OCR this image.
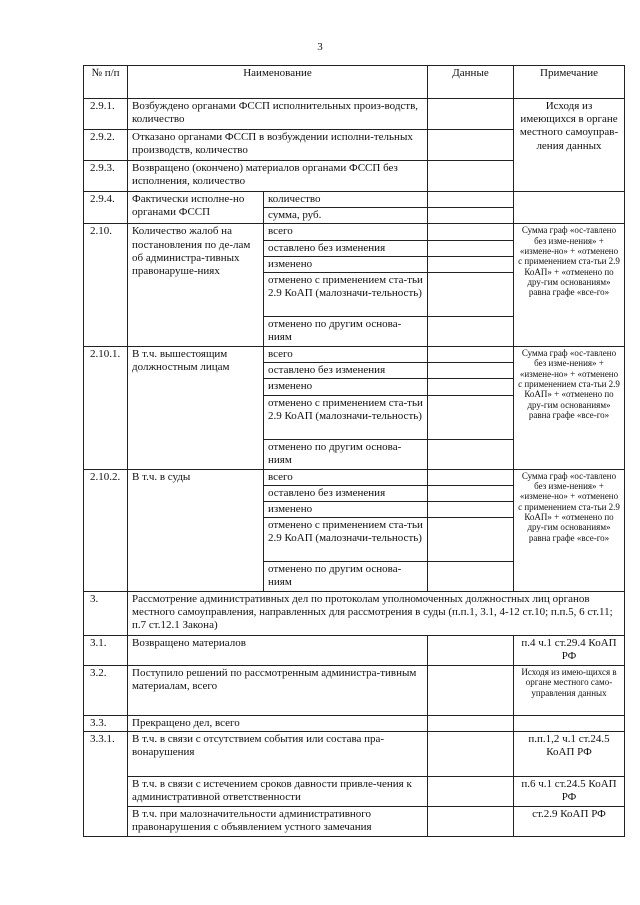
3
№ п/п	Наименование		Данные	Примечание
2.9.1.	Возбуждено органами ФССП исполнительных произ-водств, количество			Исходя из имеющихся в органе местного самоуправ-ления данных
2.9.2.	Отказано органами ФССП в возбуждении исполни-тельных производств, количество			
2.9.3.	Возвращено (окончено) материалов органами ФССП без исполнения, количество			
2.9.4.	Фактически исполне-но органами ФССП	количество		
		сумма, руб.		
2.10.	Количество жалоб на постановления по де-лам об администра-тивных правонаруше-ниях	всего		Сумма граф «ос-тавлено без изме-нения» + «измене-но» + «отменено с применением ста-тьи 2.9 КоАП» + «отменено по дру-гим основаниям» равна графе «все-го»
		оставлено без изменения		
		изменено		
		отменено с применением ста-тьи 2.9 КоАП (малозначи-тельность)		
		отменено по другим основа-ниям		
2.10.1.	В т.ч. вышестоящим должностным лицам	всего		Сумма граф «ос-тавлено без изме-нения» + «измене-но» + «отменено с применением ста-тьи 2.9 КоАП» + «отменено по дру-гим основаниям» равна графе «все-го»
		оставлено без изменения		
		изменено		
		отменено с применением ста-тьи 2.9 КоАП (малозначи-тельность)		
		отменено по другим основа-ниям		
2.10.2.	В т.ч. в суды	всего		Сумма граф «ос-тавлено без изме-нения» + «измене-но» + «отменено с применением ста-тьи 2.9 КоАП» + «отменено по дру-гим основаниям» равна графе «все-го»
		оставлено без изменения		
		изменено		
		отменено с применением ста-тьи 2.9 КоАП (малозначи-тельность)		
		отменено по другим основа-ниям		
3.	Рассмотрение административных дел по протоколам уполномоченных должностных лиц органов местного самоуправления, направленных для рассмотрения в суды (п.п.1, 3.1, 4-12 ст.10; п.п.5, 6 ст.11; п.7 ст.12.1 Закона)			
3.1.	Возвращено материалов			п.4 ч.1 ст.29.4 КоАП РФ
3.2.	Поступило решений по рассмотренным администра-тивным материалам, всего			Исходя из имею-щихся в органе местного само-управления данных
3.3.	Прекращено дел, всего			
3.3.1.	В т.ч. в связи с отсутствием события или состава пра-вонарушения			п.п.1,2 ч.1 ст.24.5 КоАП РФ
	В т.ч. в связи с истечением сроков давности привле-чения к административной ответственности			п.6 ч.1 ст.24.5 КоАП РФ
	В т.ч. при малозначительности административного правонарушения с объявлением устного замечания			ст.2.9 КоАП РФ
